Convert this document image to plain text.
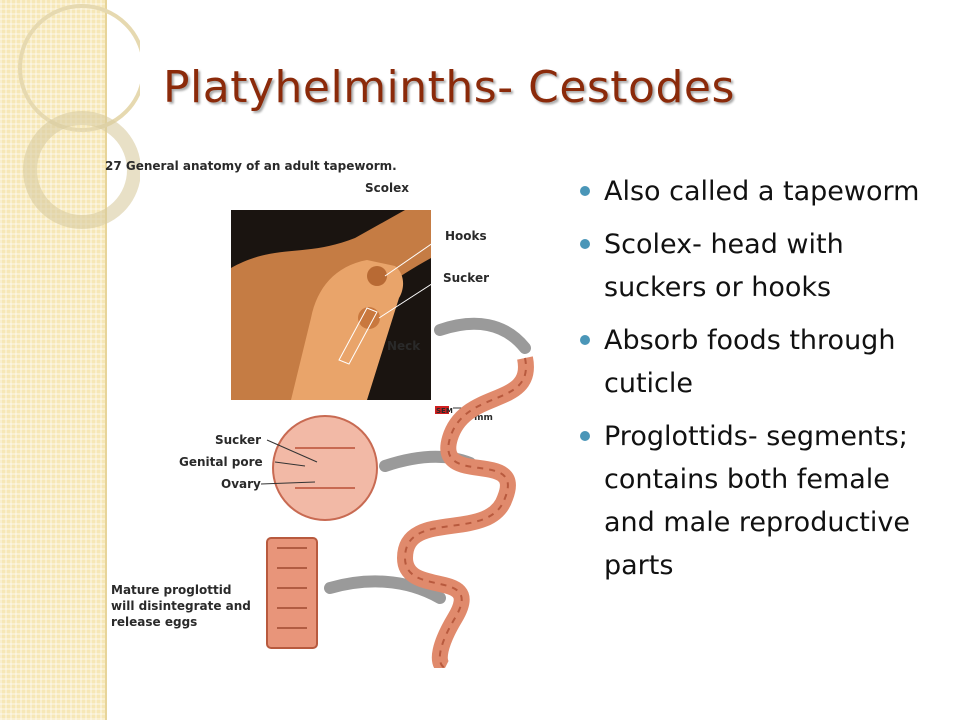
Platyhelminths- Cestodes
27 General anatomy of an adult tapeworm.
SEM
0.5 mm
Scolex
Hooks
Sucker
Neck
Sucker
Genital pore
Ovary
Mature proglottid
will disintegrate and
release eggs
Also called a tapeworm
Scolex- head with suckers or hooks
Absorb foods through cuticle
Proglottids- segments; contains both female and male reproductive parts
